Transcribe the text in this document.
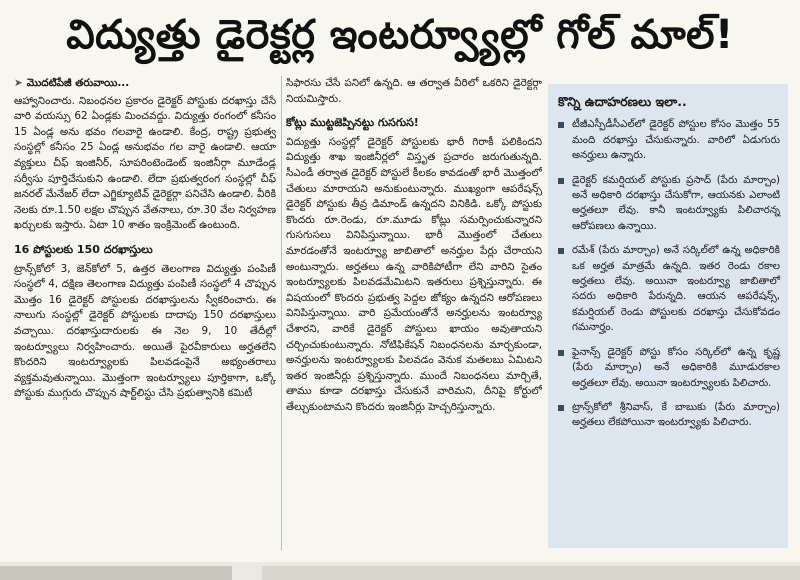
విద్యుత్తు డైరెక్టర్ల ఇంటర్వ్యూల్లో గోల్‌ మాల్!
➤ మొదటిపేజీ తరువాయి...

ఆహ్వానించారు. నిబంధనల ప్రకారం డైరెక్టర్ పోస్టుకు దరఖాస్తు చేసే వారి వయస్సు 62 ఏండ్లకు మించవద్దు. విద్యుత్తు రంగంలో కనీసం 15 ఏండ్ల అను భవం గలవారై ఉండాలి. కేంద్ర, రాష్ట్ర ప్రభుత్వ సంస్థల్లో కనీసం 25 ఏండ్ల అనుభవం గల వారై ఉండాలి. ఆయా వ్యక్తులు చీఫ్ ఇంజినీర్, సూపరింటెండెంట్ ఇంజినీర్గా మూడేండ్ల సర్వీసు పూర్తిచేసుకుని ఉండాలి. లేదా ప్రభుత్వరంగ సంస్థల్లో చీఫ్ జనరల్ మేనేజర్ లేదా ఎగ్జిక్యూటివ్ డైరెక్టర్గా పనిచేసి ఉండాలి. వీరికి నెలకు రూ.1.50 లక్షల చొప్పున వేతనాలు, రూ.30 వేల నిర్వహణ ఖర్చులకు ఇస్తారు. ఏటా 10 శాతం ఇంక్రిమెంట్ ఉంటుంది.

16 పోస్టులకు 150 దరఖాస్తులు

ట్రాన్స్‌కోలో 3, జెన్‌కోలో 5, ఉత్తర తెలంగాణ విద్యుత్తు పంపిణీ సంస్థలో 4, దక్షిణ తెలంగాణ విద్యుత్తు పంపిణీ సంస్థలో 4 చొప్పున మొత్తం 16 డైరెక్టర్ పోస్టులకు దరఖాస్తులను స్వీకరించారు. ఈ నాలుగు సంస్థల్లో డైరెక్టర్ పోస్టులకు దాదాపు 150 దరఖాస్తులు వచ్చాయి. దరఖాస్తుదారులకు ఈ నెల 9, 10 తేదీల్లో ఇంటర్వ్యూలు నిర్వహించారు. అయితే పైరవీకారులు అర్హతలేని కొందరిని ఇంటర్వ్యూలకు పిలవడంపైనే అభ్యంతరాలు వ్యక్తమవుతున్నాయి. మొత్తంగా ఇంటర్వ్యూలు పూర్తికాగా, ఒక్కో పోస్టుకు ముగ్గురు చొప్పున షార్ట్‌లిస్టు చేసి ప్రభుత్వానికి కమిటీ

సిఫారసు చేసే పనిలో ఉన్నది. ఆ తర్వాత వీరిలో ఒకరిని డైరెక్టర్గా నియమిస్తారు.

కోట్లు ముట్టజెప్పినట్టు గుసగుస!

విద్యుత్తు సంస్థల్లో డైరెక్టర్ పోస్టులకు భారీ గిరాకీ పలికిందని విద్యుత్తు శాఖ ఇంజినీర్లలో విస్తృత ప్రచారం జరుగుతున్నది. సీఎండీ తర్వాత డైరెక్టర్ పోస్టులే కీలకం కావడంతో భారీ మొత్తంలో చేతులు మారాయని అనుకుంటున్నారు. ముఖ్యంగా ఆపరేషన్స్ డైరెక్టర్ పోస్టుకు తీవ్ర డిమాండ్ ఉన్నదని వినికిడి. ఒక్కో పోస్టుకు కొందరు రూ.రెండు, రూ.మూడు కోట్లు సమర్పించుకున్నారని గుసగుసలు వినిపిస్తున్నాయి. భారీ మొత్తంలో చేతులు మారడంతోనే ఇంటర్వ్యూ జాబితాలో అనర్హుల పేర్లు చేరాయని అంటున్నారు. అర్హతలు ఉన్న వారికిపోటీగా లేని వారిని సైతం ఇంటర్వ్యూలకు పిలవడమేమిటని ఇతరులు ప్రశ్నిస్తున్నారు. ఈ విషయంలో కొందరు ప్రభుత్వ పెద్దల జోక్యం ఉన్నదని ఆరోపణలు వినిపిస్తున్నాయి. వారి ప్రమేయంతోనే అనర్హులను ఇంటర్వ్యూ చేశారని, వారికే డైరెక్టర్ పోస్టులు ఖాయం అవుతాయని చర్చించుకుంటున్నారు. నోటిఫికేషన్ నిబంధనలను మార్చకుండా, అనర్హులను ఇంటర్వ్యూలకు పిలవడం వెనుక మతలబు ఏమిటని ఇతర ఇంజినీర్లు ప్రశ్నిస్తున్నారు. ముందే నిబంధనలు మార్చితే, తాము కూడా దరఖాస్తు చేసుకునే వారిమని, దీనిపై కోర్టులో తేల్చుకుంటామని కొందరు ఇంజినీర్లు హెచ్చరిస్తున్నారు.

కొన్ని ఉదాహరణలు ఇలా..
టీజీఎస్పీడీసీఎల్‌లో డైరెక్టర్ పోస్టుల కోసం మొత్తం 55 మంది దరఖాస్తు చేసుకున్నారు. వారిలో ఏడుగురు అనర్హులు ఉన్నారు.
డైరెక్టర్ కమర్షియల్ పోస్టుకు ప్రసాద్ (పేరు మార్చాం) అనే అధికారి దరఖాస్తు చేసుకోగా, ఆయనకు ఎలాంటి అర్హతలూ లేవు. కానీ ఇంటర్వ్యూకు పిలిచారన్న ఆరోపణలు ఉన్నాయి.
రమేశ్ (పేరు మార్చాం) అనే సర్కిల్‌లో ఉన్న అధికారికి ఒక అర్హత మాత్రమే ఉన్నది. ఇతర రెండు రకాల అర్హతలు లేవు. అయినా ఇంటర్వ్యూ జాబితాలో సదరు అధికారి పేరున్నది. ఆయన ఆపరేషన్స్, కమర్షియల్ రెండు పోస్టులకు దరఖాస్తు చేసుకోవడం గమనార్హం.
ఫైనాన్స్ డైరెక్టర్ పోస్టు కోసం సర్కిల్‌లో ఉన్న కృష్ణ (పేరు మార్చాం) అనే అధికారికి మూడురకాల అర్హతలూ లేవు. అయినా ఇంటర్వ్యూలకు పిలిచారు.
ట్రాన్స్‌కోలో శ్రీనివాస్, కే బాబుకు (పేరు మార్చాం) అర్హతలు లేకపోయినా ఇంటర్వ్యూకు పిలిచారు.
